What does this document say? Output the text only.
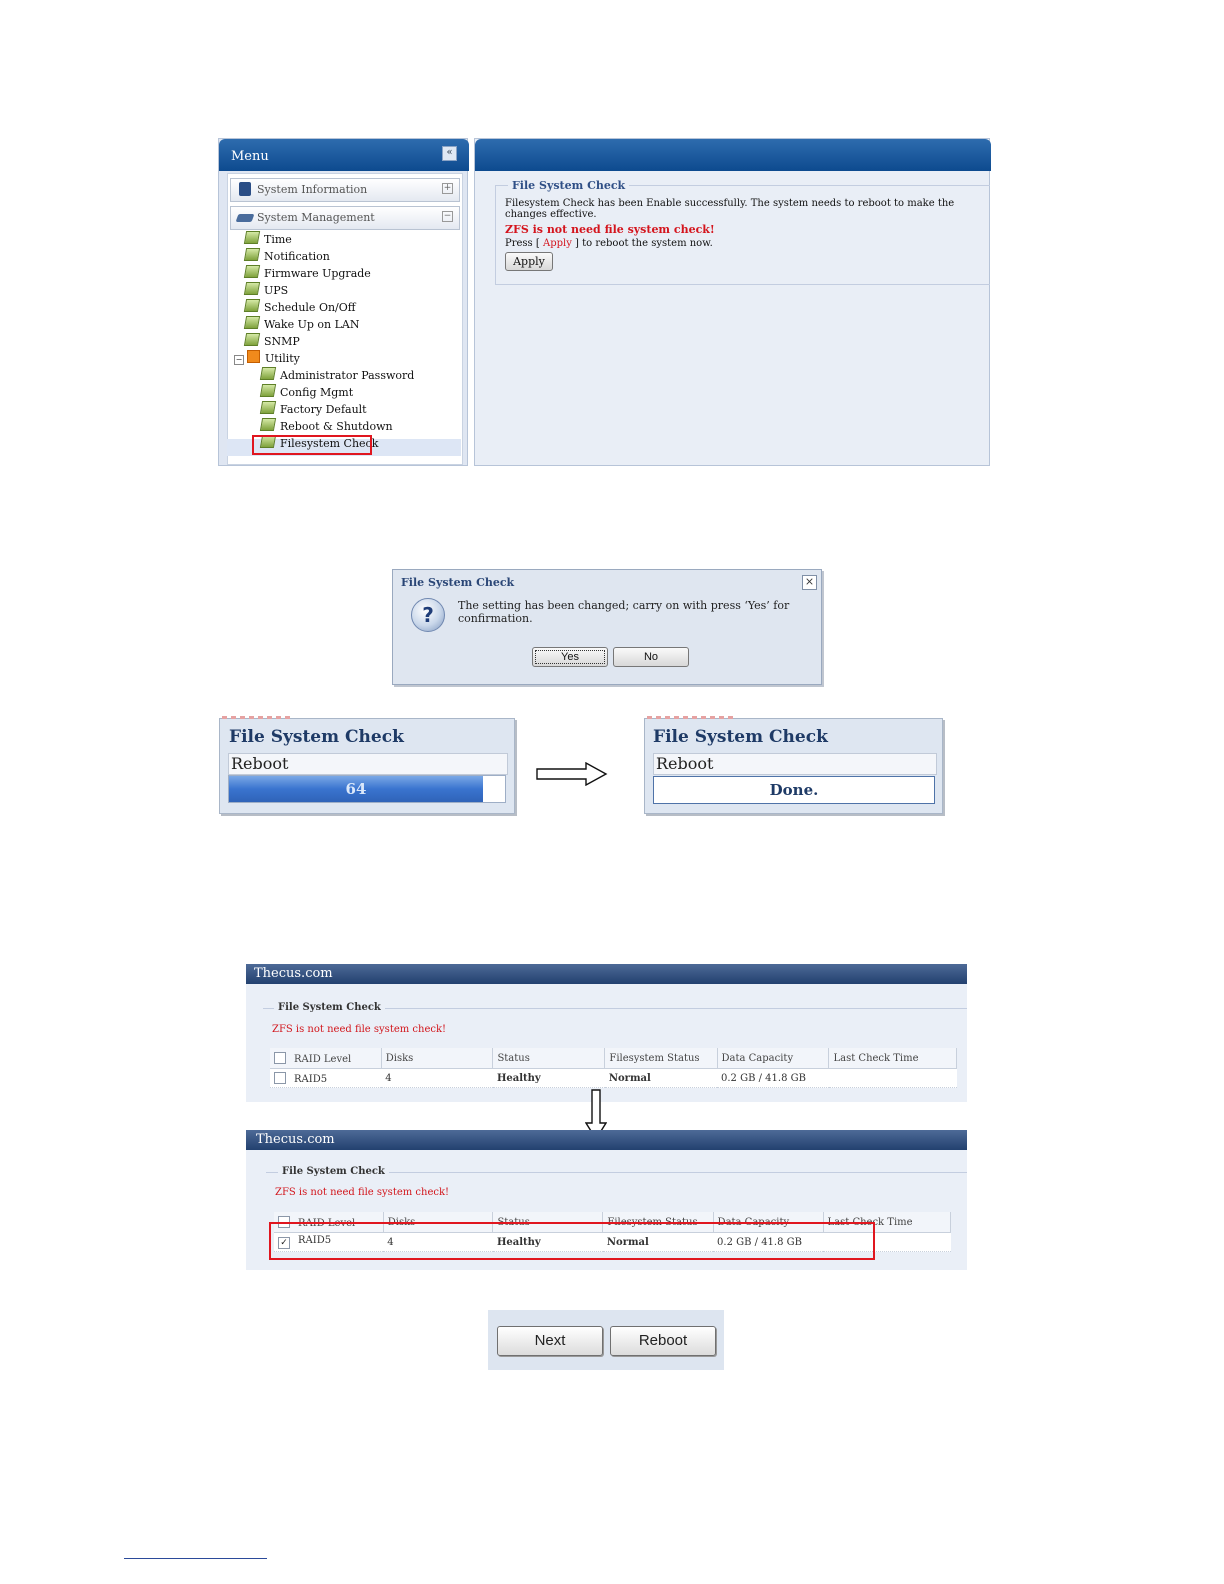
Menu	«
System Information	+
System Management	−
Time
Notification
Firmware Upgrade
UPS
Schedule On/Off
Wake Up on LAN
SNMP
− Utility
Administrator Password
Config Mgmt
Factory Default
Reboot & Shutdown
Filesystem Check
File System Check
Filesystem Check has been Enable successfully. The system needs to reboot to make the changes effective.
ZFS is not need file system check!
Press [ Apply ] to reboot the system now.
Apply
File System Check	×
?	The setting has been changed; carry on with press ‘Yes’ for confirmation.
Yes	No
File System Check
Reboot
64
File System Check
Reboot
Done.
Thecus.com
File System Check
ZFS is not need file system check!
RAID Level	Disks	Status	Filesystem Status	Data Capacity	Last Check Time
RAID5	4	Healthy	Normal	0.2 GB / 41.8 GB	
Thecus.com
File System Check
ZFS is not need file system check!
RAID Level	Disks	Status	Filesystem Status	Data Capacity	Last Check Time
✓ RAID5	4	Healthy	Normal	0.2 GB / 41.8 GB	
Next	Reboot
